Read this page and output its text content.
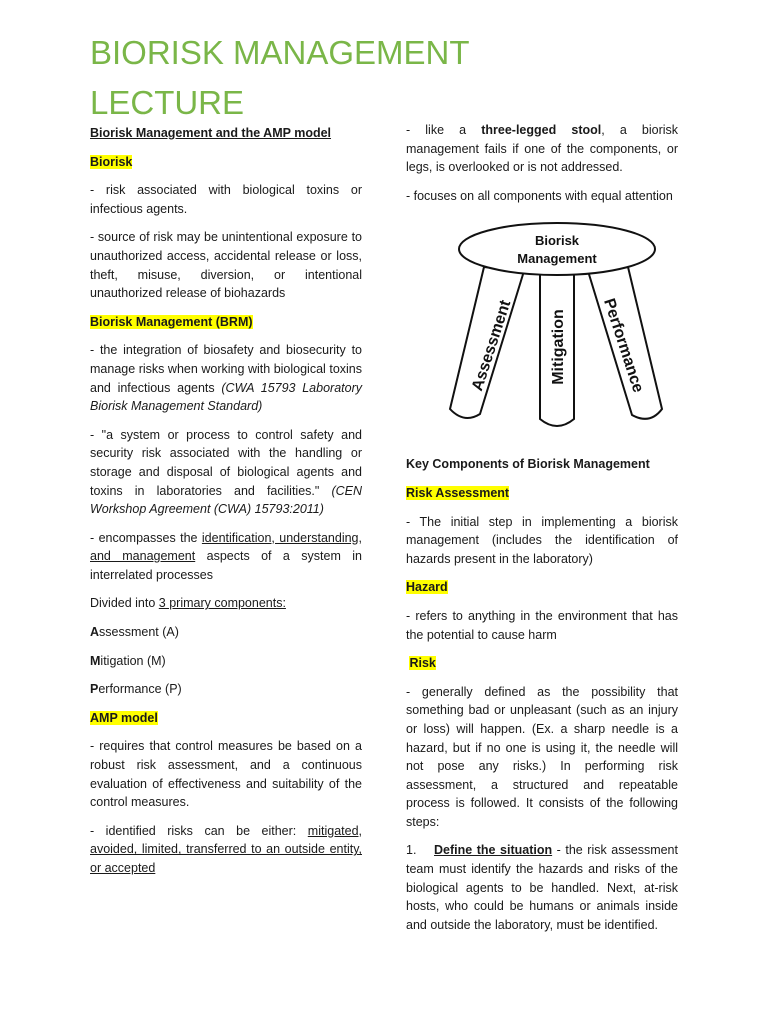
BIORISK MANAGEMENT
LECTURE

Biorisk Management and the AMP model

Biorisk

- risk associated with biological toxins or infectious agents.

- source of risk may be unintentional exposure to unauthorized access, accidental release or loss, theft, misuse, diversion, or intentional unauthorized release of biohazards

Biorisk Management (BRM)

- the integration of biosafety and biosecurity to manage risks when working with biological toxins and infectious agents (CWA 15793 Laboratory Biorisk Management Standard)

- "a system or process to control safety and security risk associated with the handling or storage and disposal of biological agents and toxins in laboratories and facilities." (CEN Workshop Agreement (CWA) 15793:2011)

- encompasses the identification, understanding, and management aspects of a system in interrelated processes

Divided into 3 primary components:

Assessment (A)

Mitigation (M)

Performance (P)

AMP model

- requires that control measures be based on a robust risk assessment, and a continuous evaluation of effectiveness and suitability of the control measures.

- identified risks can be either: mitigated, avoided, limited, transferred to an outside entity, or accepted

- like a three-legged stool, a biorisk management fails if one of the components, or legs, is overlooked or is not addressed.

- focuses on all components with equal attention

Biorisk
Management
Assessment Mitigation Performance

Key Components of Biorisk Management

Risk Assessment

- The initial step in implementing a biorisk management (includes the identification of hazards present in the laboratory)

Hazard

- refers to anything in the environment that has the potential to cause harm

Risk

- generally defined as the possibility that something bad or unpleasant (such as an injury or loss) will happen. (Ex. a sharp needle is a hazard, but if no one is using it, the needle will not pose any risks.) In performing risk assessment, a structured and repeatable process is followed. It consists of the following steps:

1. Define the situation - the risk assessment team must identify the hazards and risks of the biological agents to be handled. Next, at-risk hosts, who could be humans or animals inside and outside the laboratory, must be identified.
